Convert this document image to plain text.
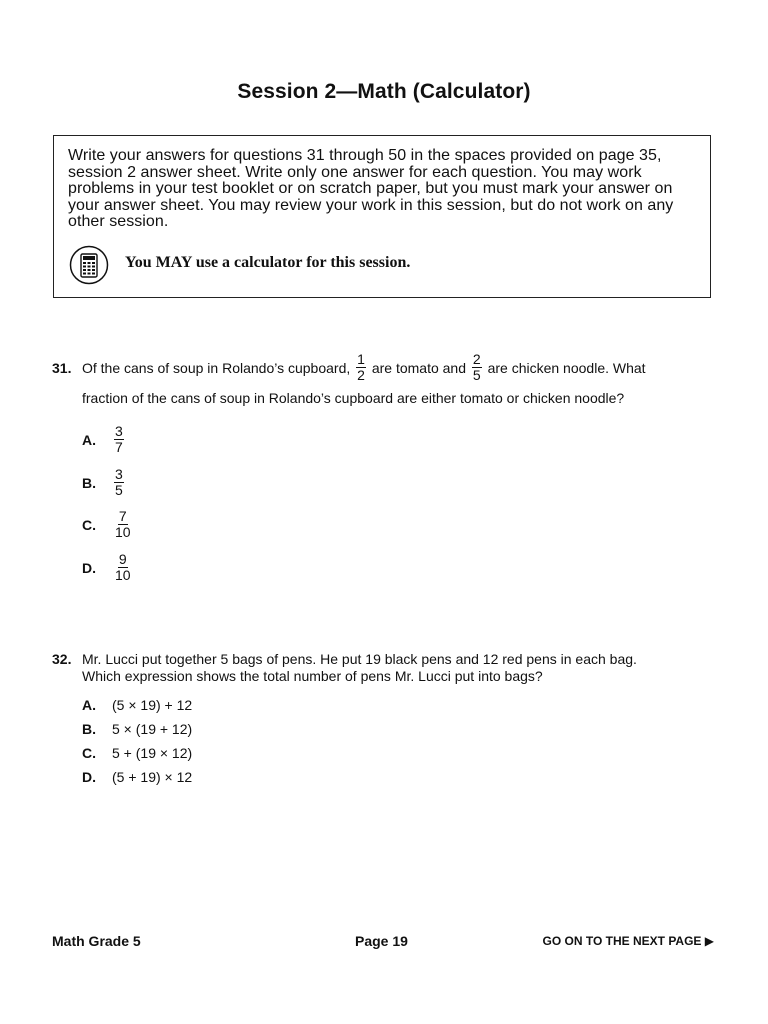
Session 2—Math (Calculator)
Write your answers for questions 31 through 50 in the spaces provided on page 35, session 2 answer sheet. Write only one answer for each question. You may work problems in your test booklet or on scratch paper, but you must mark your answer on your answer sheet. You may review your work in this session, but do not work on any other session.
You MAY use a calculator for this session.
31. Of the cans of soup in Rolando’s cupboard,
$\frac{1}{2}$
are tomato and
$\frac{2}{5}$
are chicken noodle. What
fraction of the cans of soup in Rolando’s cupboard are either tomato or chicken noodle?
A.	$\frac{3}{7}$
B.	$\frac{3}{5}$
C.	$\frac{7}{10}$
D.	$\frac{9}{10}$
32. Mr. Lucci put together 5 bags of pens. He put 19 black pens and 12 red pens in each bag.
Which expression shows the total number of pens Mr. Lucci put into bags?
A. (5 × 19) + 12
B. 5 × (19 + 12)
C. 5 + (19 × 12)
D. (5 + 19) × 12
Math Grade 5	Page 19	GO ON TO THE NEXT PAGE ▶
